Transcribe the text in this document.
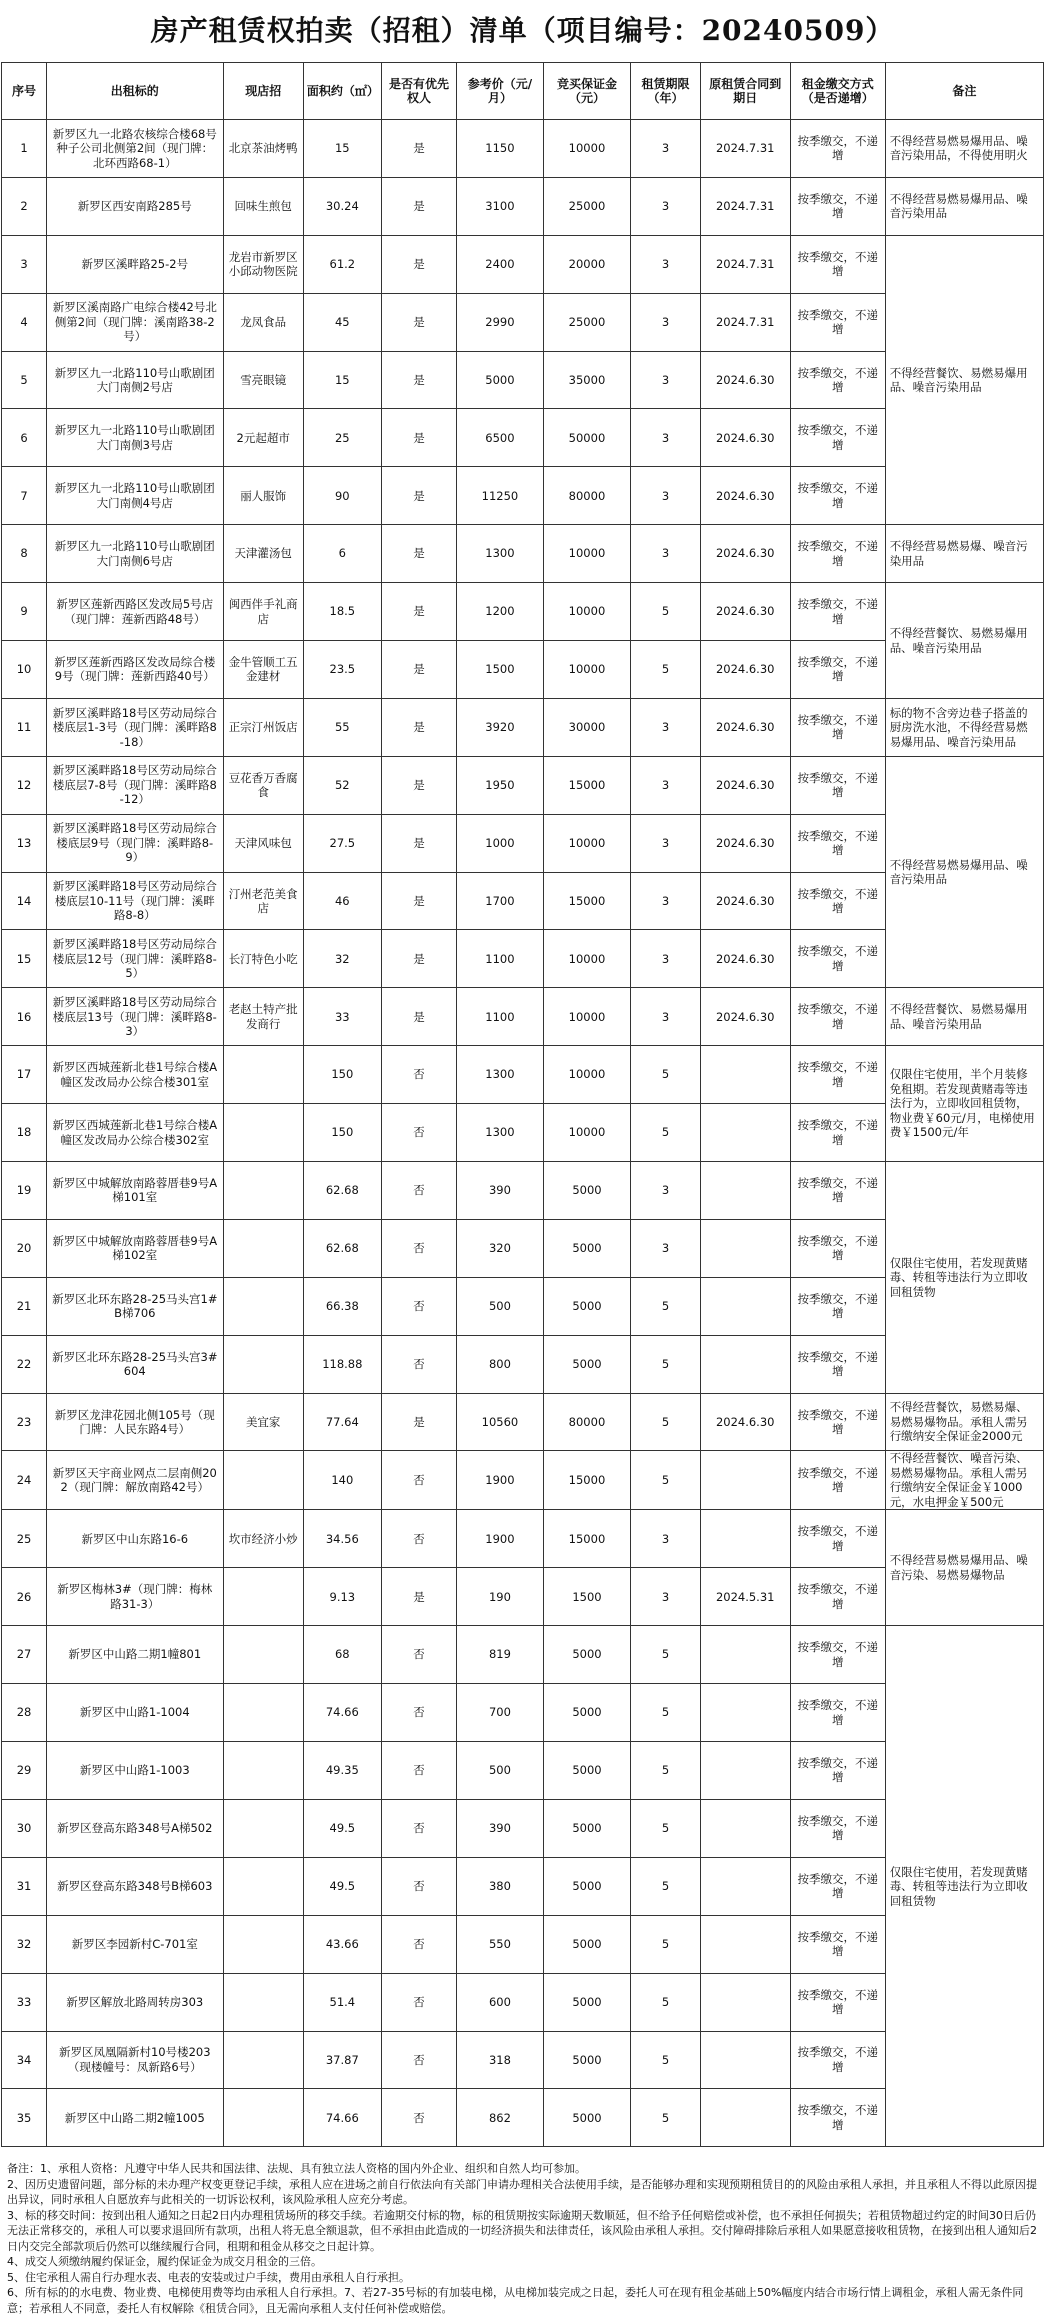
房产租赁权拍卖（招租）清单（项目编号：20240509）
序号	出租标的	现店招	面积约（㎡）	是否有优先权人	参考价（元/月）	竞买保证金（元）	租赁期限（年）	原租赁合同到期日	租金缴交方式（是否递增）	备注
1	新罗区九一北路农核综合楼68号种子公司北侧第2间（现门牌：北环西路68-1）	北京茶油烤鸭	15	是	1150	10000	3	2024.7.31	按季缴交，不递增	不得经营易燃易爆用品、噪音污染用品，不得使用明火
2	新罗区西安南路285号	回味生煎包	30.24	是	3100	25000	3	2024.7.31	按季缴交，不递增	不得经营易燃易爆用品、噪音污染用品
3	新罗区溪畔路25-2号	龙岩市新罗区小邱动物医院	61.2	是	2400	20000	3	2024.7.31	按季缴交，不递增	不得经营餐饮、易燃易爆用品、噪音污染用品
4	新罗区溪南路广电综合楼42号北侧第2间（现门牌：溪南路38-2号）	龙凤食品	45	是	2990	25000	3	2024.7.31	按季缴交，不递增	
5	新罗区九一北路110号山歌剧团大门南侧2号店	雪亮眼镜	15	是	5000	35000	3	2024.6.30	按季缴交，不递增	
6	新罗区九一北路110号山歌剧团大门南侧3号店	2元起超市	25	是	6500	50000	3	2024.6.30	按季缴交，不递增	
7	新罗区九一北路110号山歌剧团大门南侧4号店	丽人服饰	90	是	11250	80000	3	2024.6.30	按季缴交，不递增	
8	新罗区九一北路110号山歌剧团大门南侧6号店	天津灌汤包	6	是	1300	10000	3	2024.6.30	按季缴交，不递增	不得经营易燃易爆、噪音污染用品
9	新罗区莲新西路区发改局5号店（现门牌：莲新西路48号）	闽西伴手礼商店	18.5	是	1200	10000	5	2024.6.30	按季缴交，不递增	不得经营餐饮、易燃易爆用品、噪音污染用品
10	新罗区莲新西路区发改局综合楼9号（现门牌：莲新西路40号）	金牛管顺工五金建材	23.5	是	1500	10000	5	2024.6.30	按季缴交，不递增	
11	新罗区溪畔路18号区劳动局综合楼底层1-3号（现门牌：溪畔路8-18）	正宗汀州饭店	55	是	3920	30000	3	2024.6.30	按季缴交，不递增	标的物不含旁边巷子搭盖的厨房洗水池，不得经营易燃易爆用品、噪音污染用品
12	新罗区溪畔路18号区劳动局综合楼底层7-8号（现门牌：溪畔路8-12）	豆花香万香腐食	52	是	1950	15000	3	2024.6.30	按季缴交，不递增	不得经营易燃易爆用品、噪音污染用品
13	新罗区溪畔路18号区劳动局综合楼底层9号（现门牌：溪畔路8-9）	天津风味包	27.5	是	1000	10000	3	2024.6.30	按季缴交，不递增	
14	新罗区溪畔路18号区劳动局综合楼底层10-11号（现门牌：溪畔路8-8）	汀州老范美食店	46	是	1700	15000	3	2024.6.30	按季缴交，不递增	
15	新罗区溪畔路18号区劳动局综合楼底层12号（现门牌：溪畔路8-5）	长汀特色小吃	32	是	1100	10000	3	2024.6.30	按季缴交，不递增	
16	新罗区溪畔路18号区劳动局综合楼底层13号（现门牌：溪畔路8-3）	老赵土特产批发商行	33	是	1100	10000	3	2024.6.30	按季缴交，不递增	不得经营餐饮、易燃易爆用品、噪音污染用品
17	新罗区西城莲新北巷1号综合楼A幢区发改局办公综合楼301室		150	否	1300	10000	5		按季缴交，不递增	仅限住宅使用，半个月装修免租期。若发现黄赌毒等违法行为，立即收回租赁物，物业费￥60元/月，电梯使用费￥1500元/年
18	新罗区西城莲新北巷1号综合楼A幢区发改局办公综合楼302室		150	否	1300	10000	5		按季缴交，不递增	
19	新罗区中城解放南路蓉厝巷9号A梯101室		62.68	否	390	5000	3		按季缴交，不递增	仅限住宅使用，若发现黄赌毒、转租等违法行为立即收回租赁物
20	新罗区中城解放南路蓉厝巷9号A梯102室		62.68	否	320	5000	3		按季缴交，不递增	
21	新罗区北环东路28-25马头宫1#B梯706		66.38	否	500	5000	5		按季缴交，不递增	
22	新罗区北环东路28-25马头宫3#604		118.88	否	800	5000	5		按季缴交，不递增	
23	新罗区龙津花园北侧105号（现门牌：人民东路4号）	美宜家	77.64	是	10560	80000	5	2024.6.30	按季缴交，不递增	不得经营餐饮，易燃易爆、易燃易爆物品。承租人需另行缴纳安全保证金2000元
24	新罗区天宇商业网点二层南侧202（现门牌：解放南路42号）		140	否	1900	15000	5		按季缴交，不递增	不得经营餐饮、噪音污染、易燃易爆物品。承租人需另行缴纳安全保证金￥1000元，水电押金￥500元
25	新罗区中山东路16-6	坎市经济小炒	34.56	否	1900	15000	3		按季缴交，不递增	不得经营易燃易爆用品、噪音污染、易燃易爆物品
26	新罗区梅林3#（现门牌：梅林路31-3）		9.13	是	190	1500	3	2024.5.31	按季缴交，不递增	
27	新罗区中山路二期1幢801		68	否	819	5000	5		按季缴交，不递增	仅限住宅使用，若发现黄赌毒、转租等违法行为立即收回租赁物
28	新罗区中山路1-1004		74.66	否	700	5000	5		按季缴交，不递增	
29	新罗区中山路1-1003		49.35	否	500	5000	5		按季缴交，不递增	
30	新罗区登高东路348号A梯502		49.5	否	390	5000	5		按季缴交，不递增	
31	新罗区登高东路348号B梯603		49.5	否	380	5000	5		按季缴交，不递增	
32	新罗区李园新村C-701室		43.66	否	550	5000	5		按季缴交，不递增	
33	新罗区解放北路周转房303		51.4	否	600	5000	5		按季缴交，不递增	
34	新罗区凤凰隔新村10号楼203（现楼幢号：凤新路6号）		37.87	否	318	5000	5		按季缴交，不递增	
35	新罗区中山路二期2幢1005		74.66	否	862	5000	5		按季缴交，不递增	
备注：1、承租人资格：凡遵守中华人民共和国法律、法规、具有独立法人资格的国内外企业、组织和自然人均可参加。
2、因历史遗留问题，部分标的未办理产权变更登记手续，承租人应在进场之前自行依法向有关部门申请办理相关合法使用手续，是否能够办理和实现预期租赁目的的风险由承租人承担，并且承租人不得以此原因提出异议，同时承租人自愿放弃与此相关的一切诉讼权利，该风险承租人应充分考虑。
3、标的移交时间：按到出租人通知之日起2日内办理租赁场所的移交手续。若逾期交付标的物，标的租赁期按实际逾期天数顺延，但不给予任何赔偿或补偿，也不承担任何损失；若租赁物超过约定的时间30日后仍无法正常移交的，承租人可以要求退回所有款项，出租人将无息全额退款，但不承担由此造成的一切经济损失和法律责任，该风险由承租人承担。交付障碍排除后承租人如果愿意接收租赁物，在接到出租人通知后2日内交完全部款项后仍然可以继续履行合同，租期和租金从移交之日起计算。
4、成交人须缴纳履约保证金，履约保证金为成交月租金的三倍。
5、住宅承租人需自行办理水表、电表的安装或过户手续，费用由承租人自行承担。
6、所有标的的水电费、物业费、电梯使用费等均由承租人自行承担。7、若27-35号标的有加装电梯，从电梯加装完成之日起，委托人可在现有租金基础上50%幅度内结合市场行情上调租金，承租人需无条件同意；若承租人不同意，委托人有权解除《租赁合同》，且无需向承租人支付任何补偿或赔偿。
